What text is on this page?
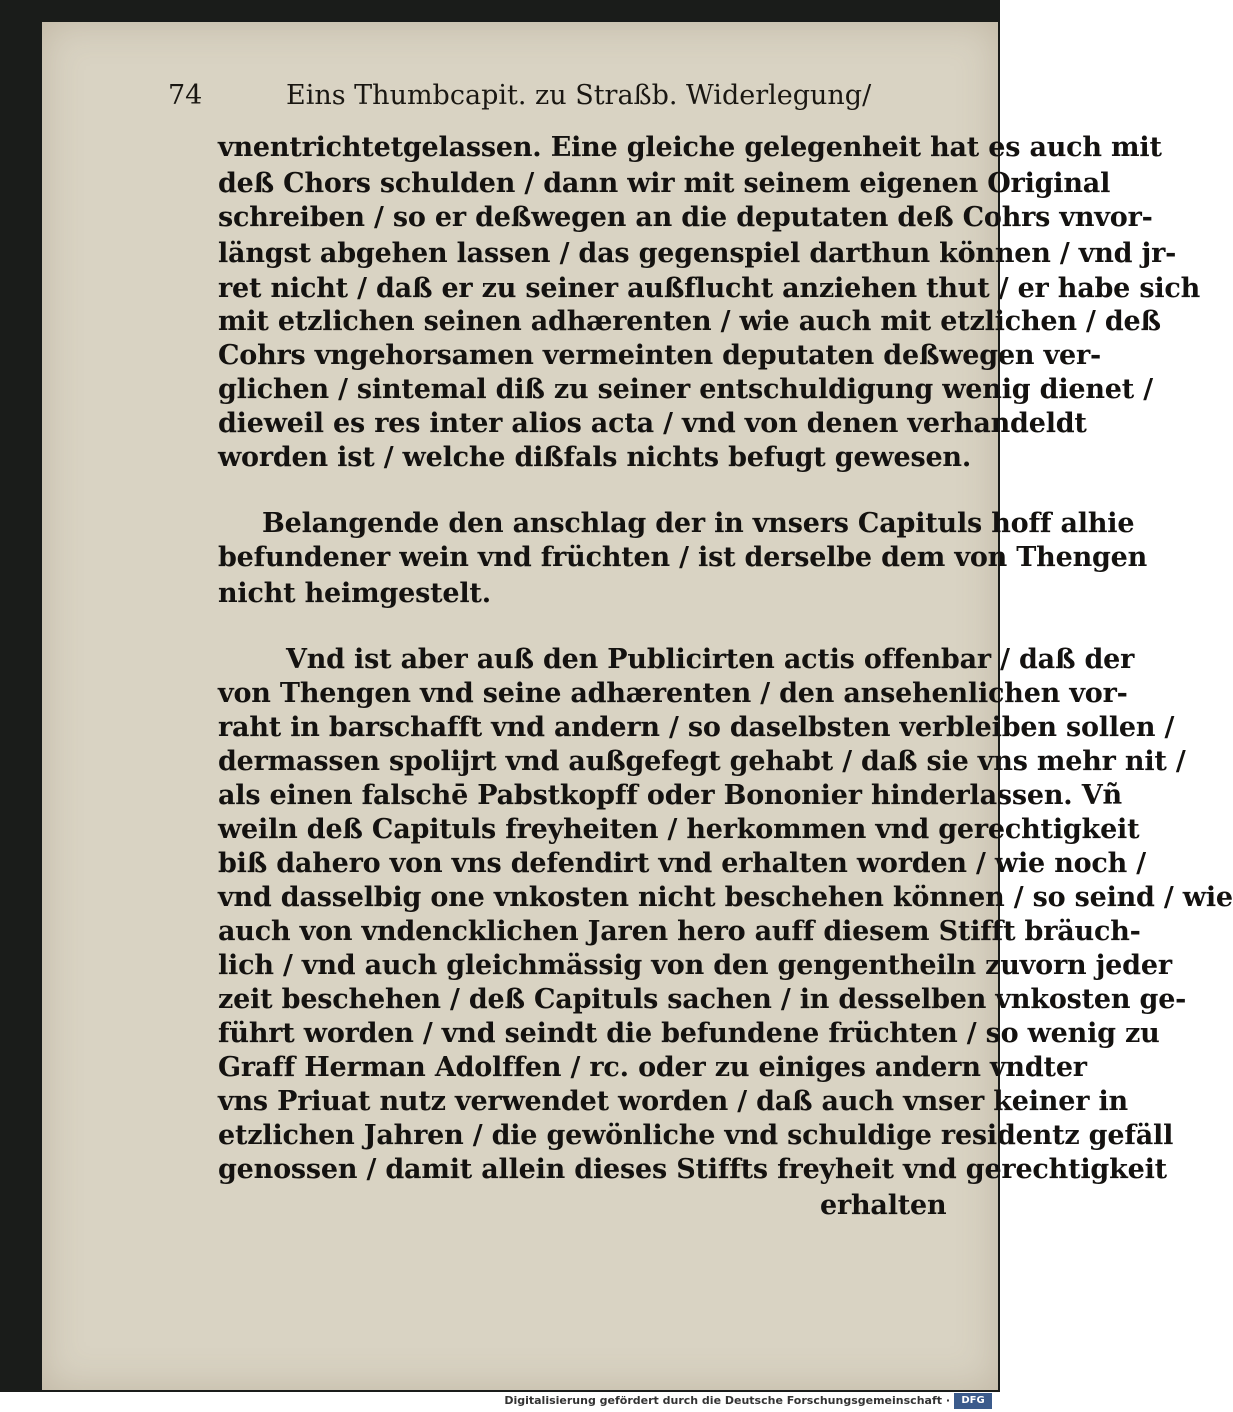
74	Eins Thumbcapit. zu Straßb. Widerlegung/
vnentrichtetgelassen. Eine gleiche gelegenheit hat es auch mit
deß Chors schulden / dann wir mit seinem eigenen Original
schreiben / so er deßwegen an die deputaten deß Cohrs vnvor-
längst abgehen lassen / das gegenspiel darthun können / vnd jr-
ret nicht / daß er zu seiner außflucht anziehen thut / er habe sich
mit etzlichen seinen adhærenten / wie auch mit etzlichen / deß
Cohrs vngehorsamen vermeinten deputaten deßwegen ver-
glichen / sintemal diß zu seiner entschuldigung wenig dienet /
dieweil es res inter alios acta / vnd von denen verhandeldt
worden ist / welche dißfals nichts befugt gewesen.
Belangende den anschlag der in vnsers Capituls hoff alhie
befundener wein vnd früchten / ist derselbe dem von Thengen
nicht heimgestelt.
Vnd ist aber auß den Publicirten actis offenbar / daß der
von Thengen vnd seine adhærenten / den ansehenlichen vor-
raht in barschafft vnd andern / so daselbsten verbleiben sollen /
dermassen spolijrt vnd außgefegt gehabt / daß sie vns mehr nit /
als einen falschē Pabstkopff oder Bononier hinderlassen. Vñ
weiln deß Capituls freyheiten / herkommen vnd gerechtigkeit
biß dahero von vns defendirt vnd erhalten worden / wie noch /
vnd dasselbig one vnkosten nicht beschehen können / so seind / wie
auch von vndencklichen Jaren hero auff diesem Stifft bräuch-
lich / vnd auch gleichmässig von den gengentheiln zuvorn jeder
zeit beschehen / deß Capituls sachen / in desselben vnkosten ge-
führt worden / vnd seindt die befundene früchten / so wenig zu
Graff Herman Adolffen / rc. oder zu einiges andern vndter
vns Priuat nutz verwendet worden / daß auch vnser keiner in
etzlichen Jahren / die gewönliche vnd schuldige residentz gefäll
genossen / damit allein dieses Stiffts freyheit vnd gerechtigkeit
erhalten
Digitalisierung gefördert durch die Deutsche Forschungsgemeinschaft ·	DFG
